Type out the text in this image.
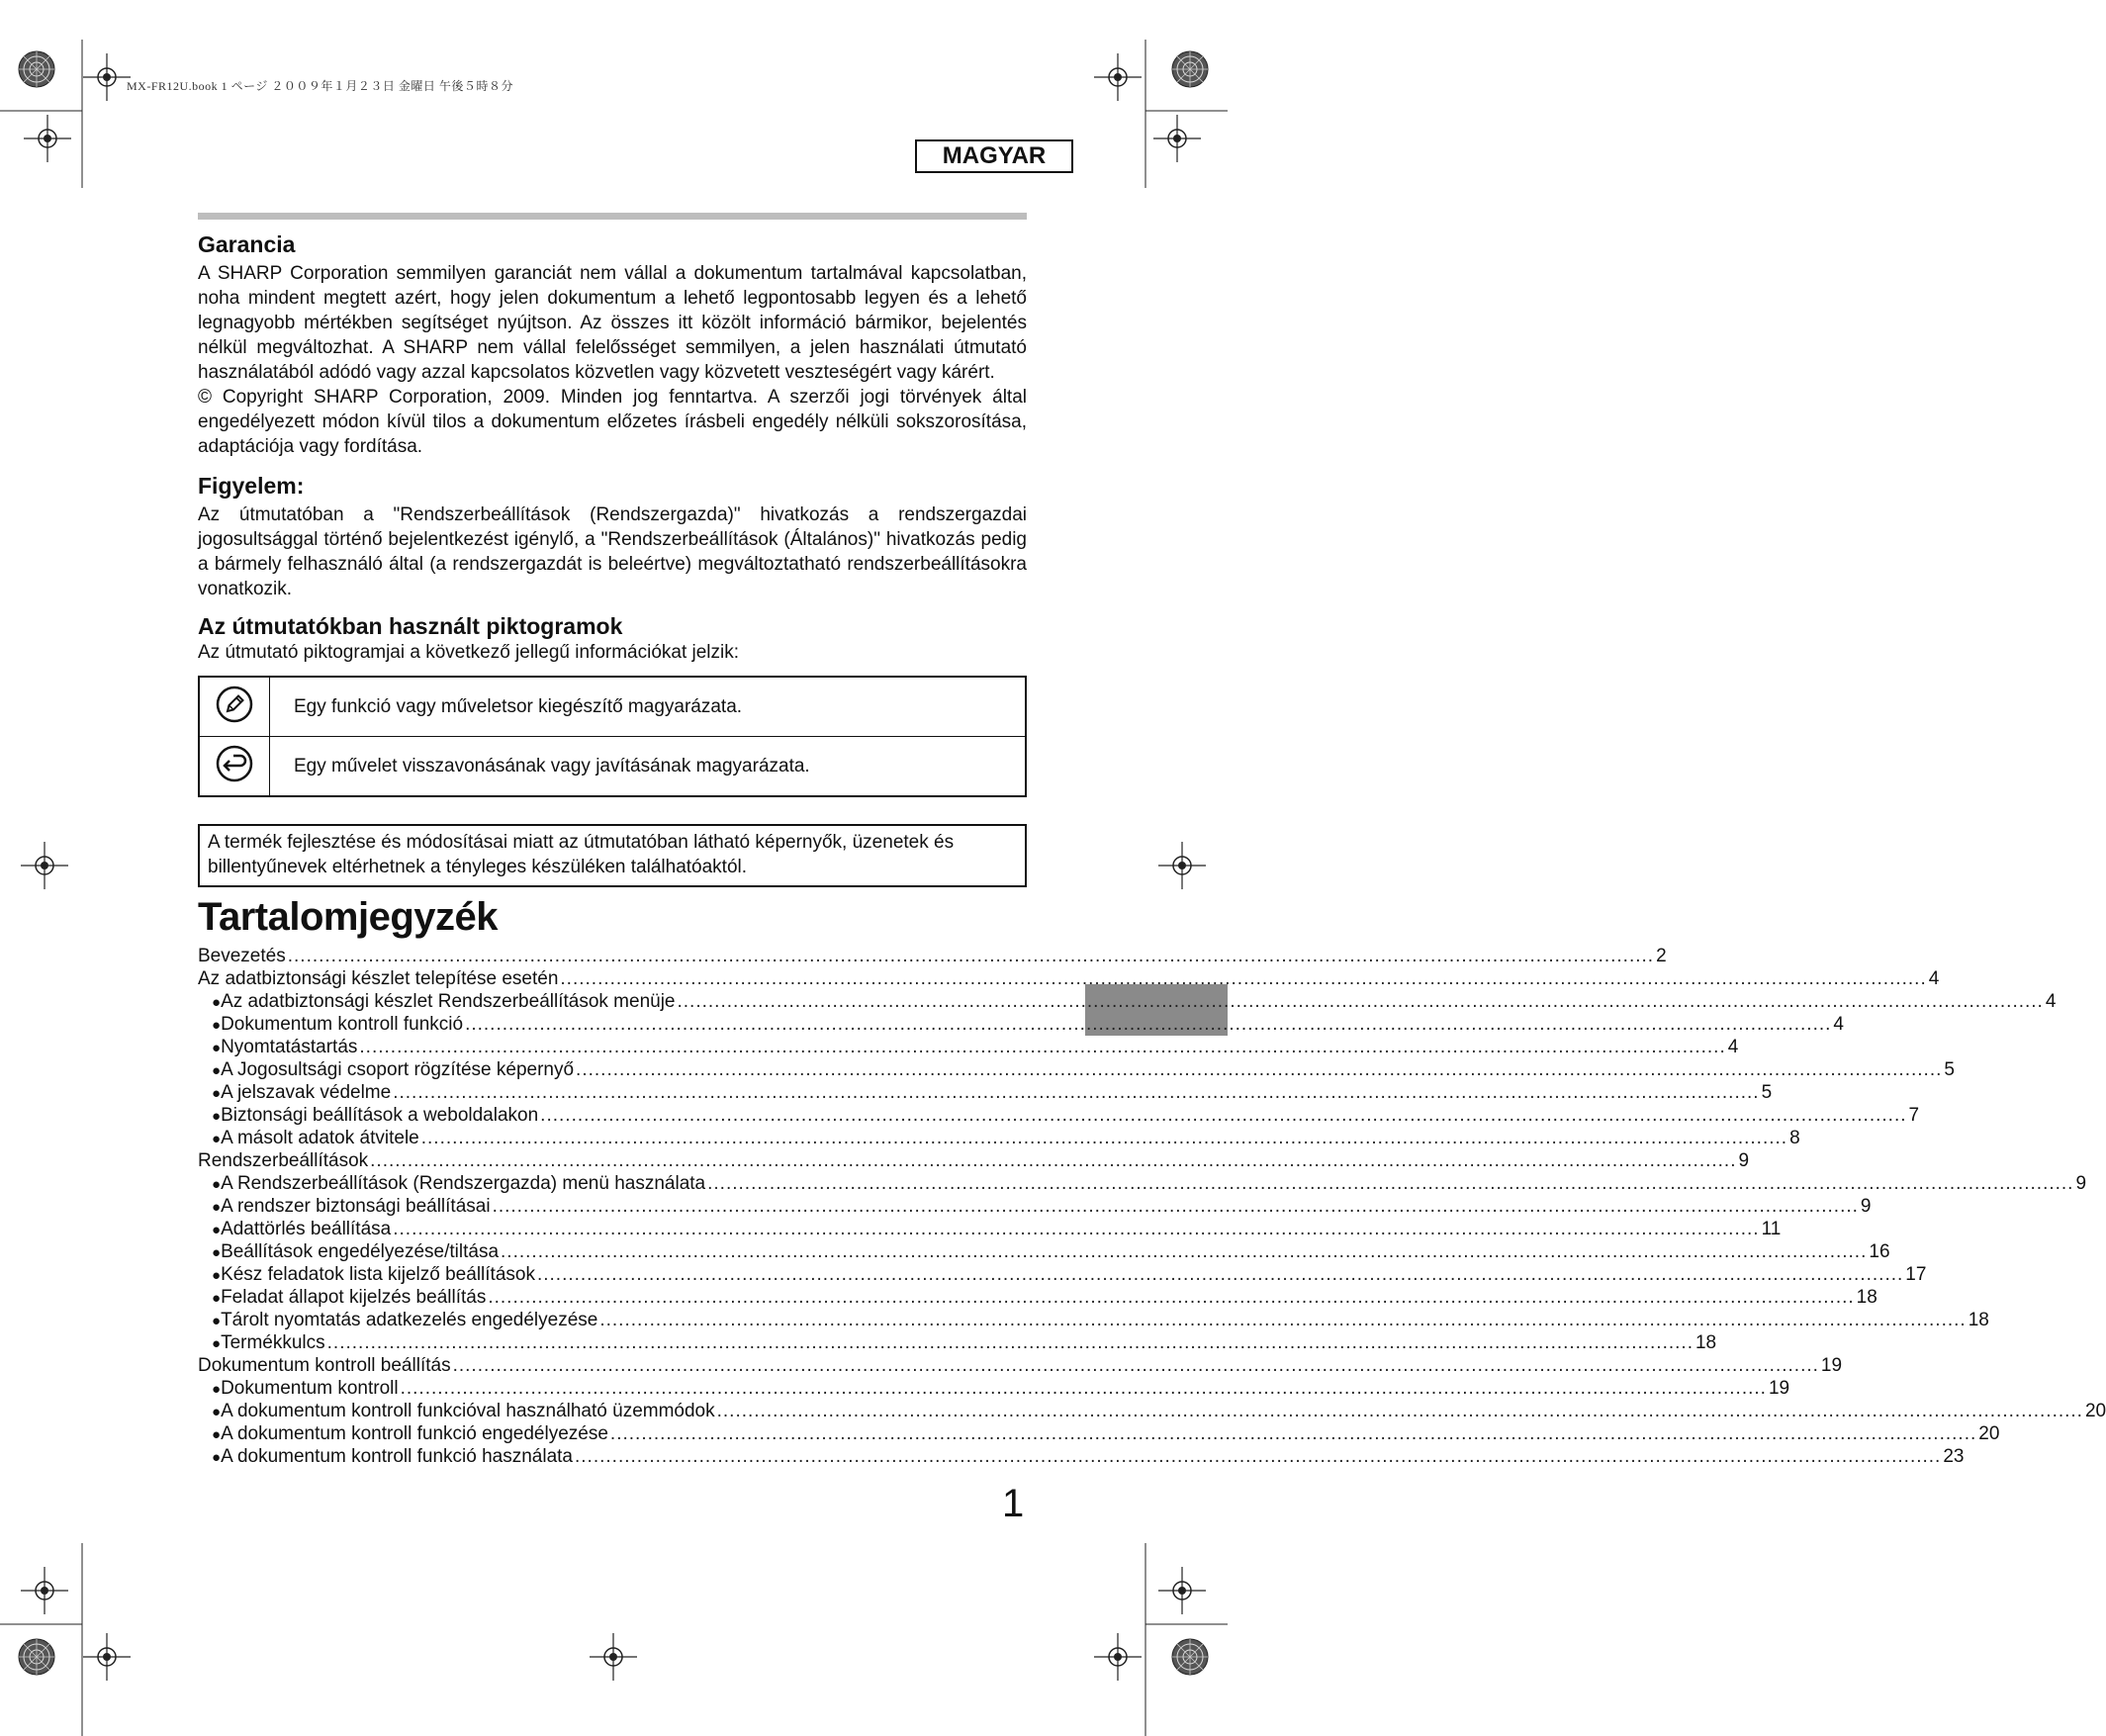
MX-FR12U.book 1 ページ ２００９年１月２３日 金曜日 午後５時８分
MAGYAR
Garancia

A SHARP Corporation semmilyen garanciát nem vállal a dokumentum tartalmával kapcsolatban, noha mindent megtett azért, hogy jelen dokumentum a lehető legpontosabb legyen és a lehető legnagyobb mértékben segítséget nyújtson. Az összes itt közölt információ bármikor, bejelentés nélkül megváltozhat. A SHARP nem vállal felelősséget semmilyen, a jelen használati útmutató használatából adódó vagy azzal kapcsolatos közvetlen vagy közvetett veszteségért vagy kárért.

© Copyright SHARP Corporation, 2009. Minden jog fenntartva. A szerzői jogi törvények által engedélyezett módon kívül tilos a dokumentum előzetes írásbeli engedély nélküli sokszorosítása, adaptációja vagy fordítása.

Figyelem:

Az útmutatóban a "Rendszerbeállítások (Rendszergazda)" hivatkozás a rendszergazdai jogosultsággal történő bejelentkezést igénylő, a "Rendszerbeállítások (Általános)" hivatkozás pedig a bármely felhasználó által (a rendszergazdát is beleértve) megváltoztatható rendszerbeállításokra vonatkozik.

Az útmutatókban használt piktogramok

Az útmutató piktogramjai a következő jellegű információkat jelzik:

	Egy funkció vagy műveletsor kiegészítő magyarázata.
	Egy művelet visszavonásának vagy javításának magyarázata.
A termék fejlesztése és módosításai miatt az útmutatóban látható képernyők, üzenetek és billentyűnevek eltérhetnek a tényleges készüléken találhatóaktól.
Tartalomjegyzék
Bevezetés ............................................................................................................................................................................................................................ 2
Az adatbiztonsági készlet telepítése esetén ............................................................................................................................................................................................................................ 4
● Az adatbiztonsági készlet Rendszerbeállítások menüje ............................................................................................................................................................................................................................ 4
● Dokumentum kontroll funkció ............................................................................................................................................................................................................................ 4
● Nyomtatástartás ............................................................................................................................................................................................................................ 4
● A Jogosultsági csoport rögzítése képernyő ............................................................................................................................................................................................................................ 5
● A jelszavak védelme ............................................................................................................................................................................................................................ 5
● Biztonsági beállítások a weboldalakon ............................................................................................................................................................................................................................ 7
● A másolt adatok átvitele ............................................................................................................................................................................................................................ 8
Rendszerbeállítások ............................................................................................................................................................................................................................ 9
● A Rendszerbeállítások (Rendszergazda) menü használata ............................................................................................................................................................................................................................ 9
● A rendszer biztonsági beállításai ............................................................................................................................................................................................................................ 9
● Adattörlés beállítása ............................................................................................................................................................................................................................ 11
● Beállítások engedélyezése/tiltása ............................................................................................................................................................................................................................ 16
● Kész feladatok lista kijelző beállítások ............................................................................................................................................................................................................................ 17
● Feladat állapot kijelzés beállítás ............................................................................................................................................................................................................................ 18
● Tárolt nyomtatás adatkezelés engedélyezése ............................................................................................................................................................................................................................ 18
● Termékkulcs ............................................................................................................................................................................................................................ 18
Dokumentum kontroll beállítás ............................................................................................................................................................................................................................ 19
● Dokumentum kontroll ............................................................................................................................................................................................................................ 19
● A dokumentum kontroll funkcióval használható üzemmódok ............................................................................................................................................................................................................................ 20
● A dokumentum kontroll funkció engedélyezése ............................................................................................................................................................................................................................ 20
● A dokumentum kontroll funkció használata ............................................................................................................................................................................................................................ 23
1
